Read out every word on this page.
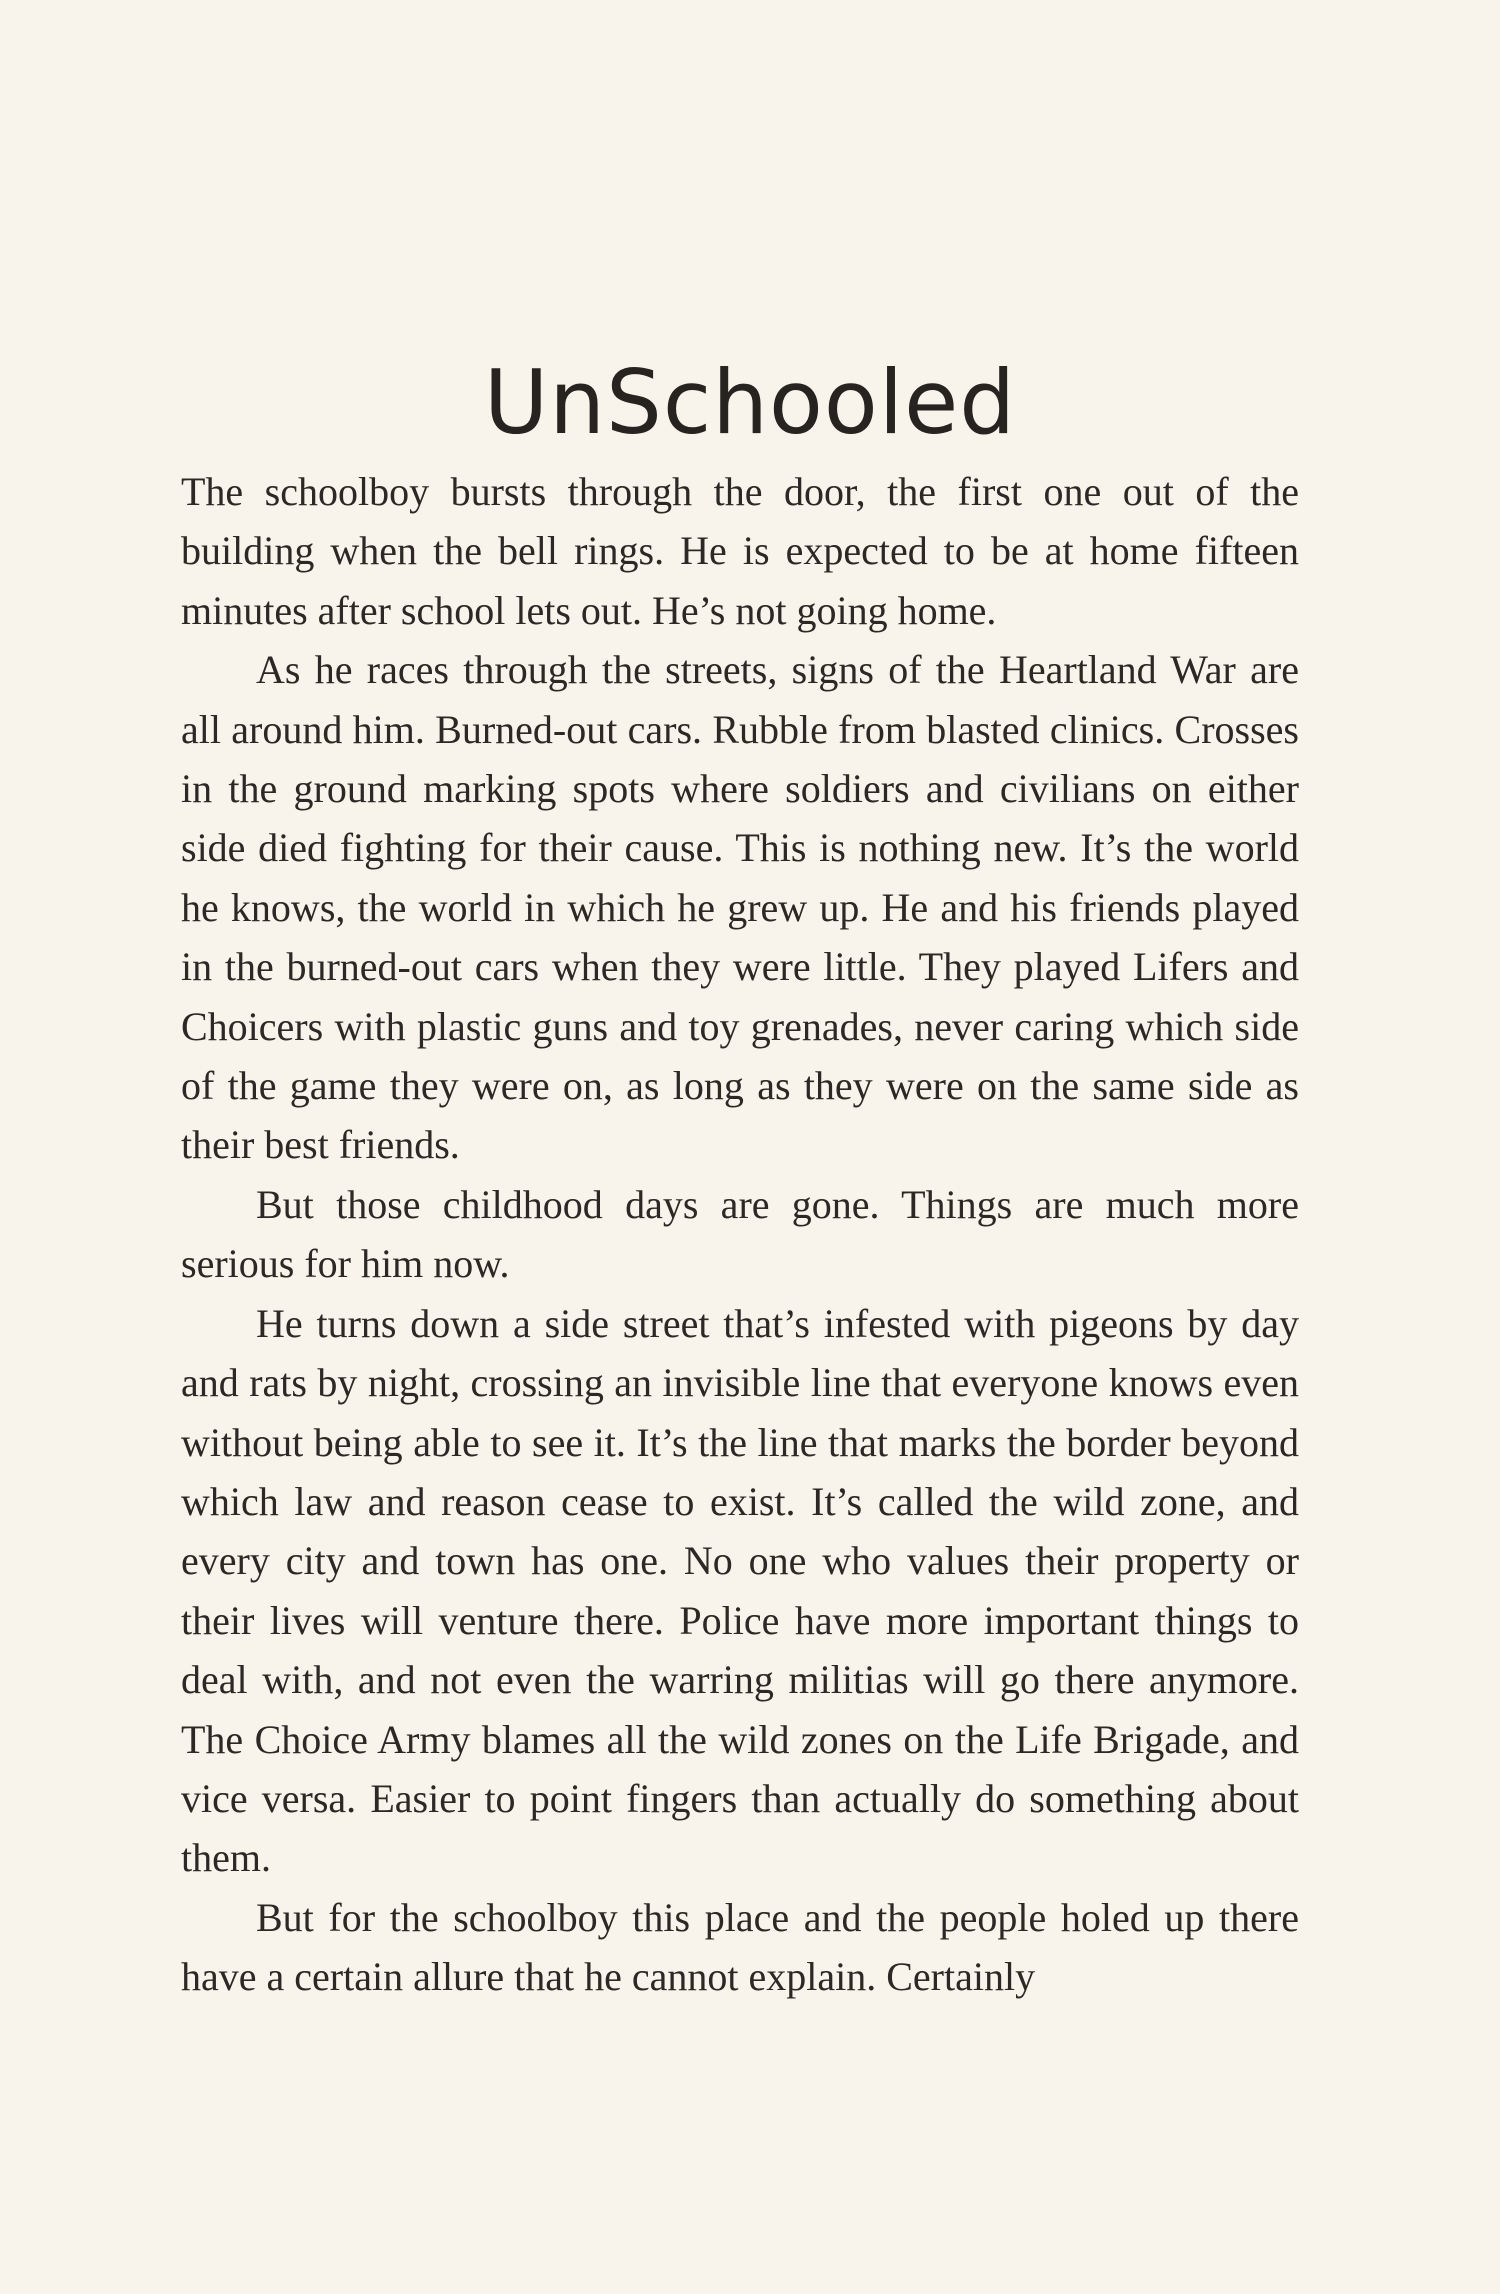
UnSchooled

The schoolboy bursts through the door, the first one out of the building when the bell rings. He is expected to be at home fifteen minutes after school lets out. He’s not going home.

As he races through the streets, signs of the Heartland War are all around him. Burned-out cars. Rubble from blasted clinics. Crosses in the ground marking spots where soldiers and civilians on either side died fighting for their cause. This is nothing new. It’s the world he knows, the world in which he grew up. He and his friends played in the burned-out cars when they were little. They played Lifers and Choicers with plastic guns and toy grenades, never caring which side of the game they were on, as long as they were on the same side as their best friends.

But those childhood days are gone. Things are much more serious for him now.

He turns down a side street that’s infested with pigeons by day and rats by night, crossing an invisible line that everyone knows even without being able to see it. It’s the line that marks the border beyond which law and reason cease to exist. It’s called the wild zone, and every city and town has one. No one who values their property or their lives will venture there. Police have more important things to deal with, and not even the warring militias will go there anymore. The Choice Army blames all the wild zones on the Life Brigade, and vice versa. Easier to point fingers than actually do something about them.

But for the schoolboy this place and the people holed up there have a certain allure that he cannot explain. Certainly
